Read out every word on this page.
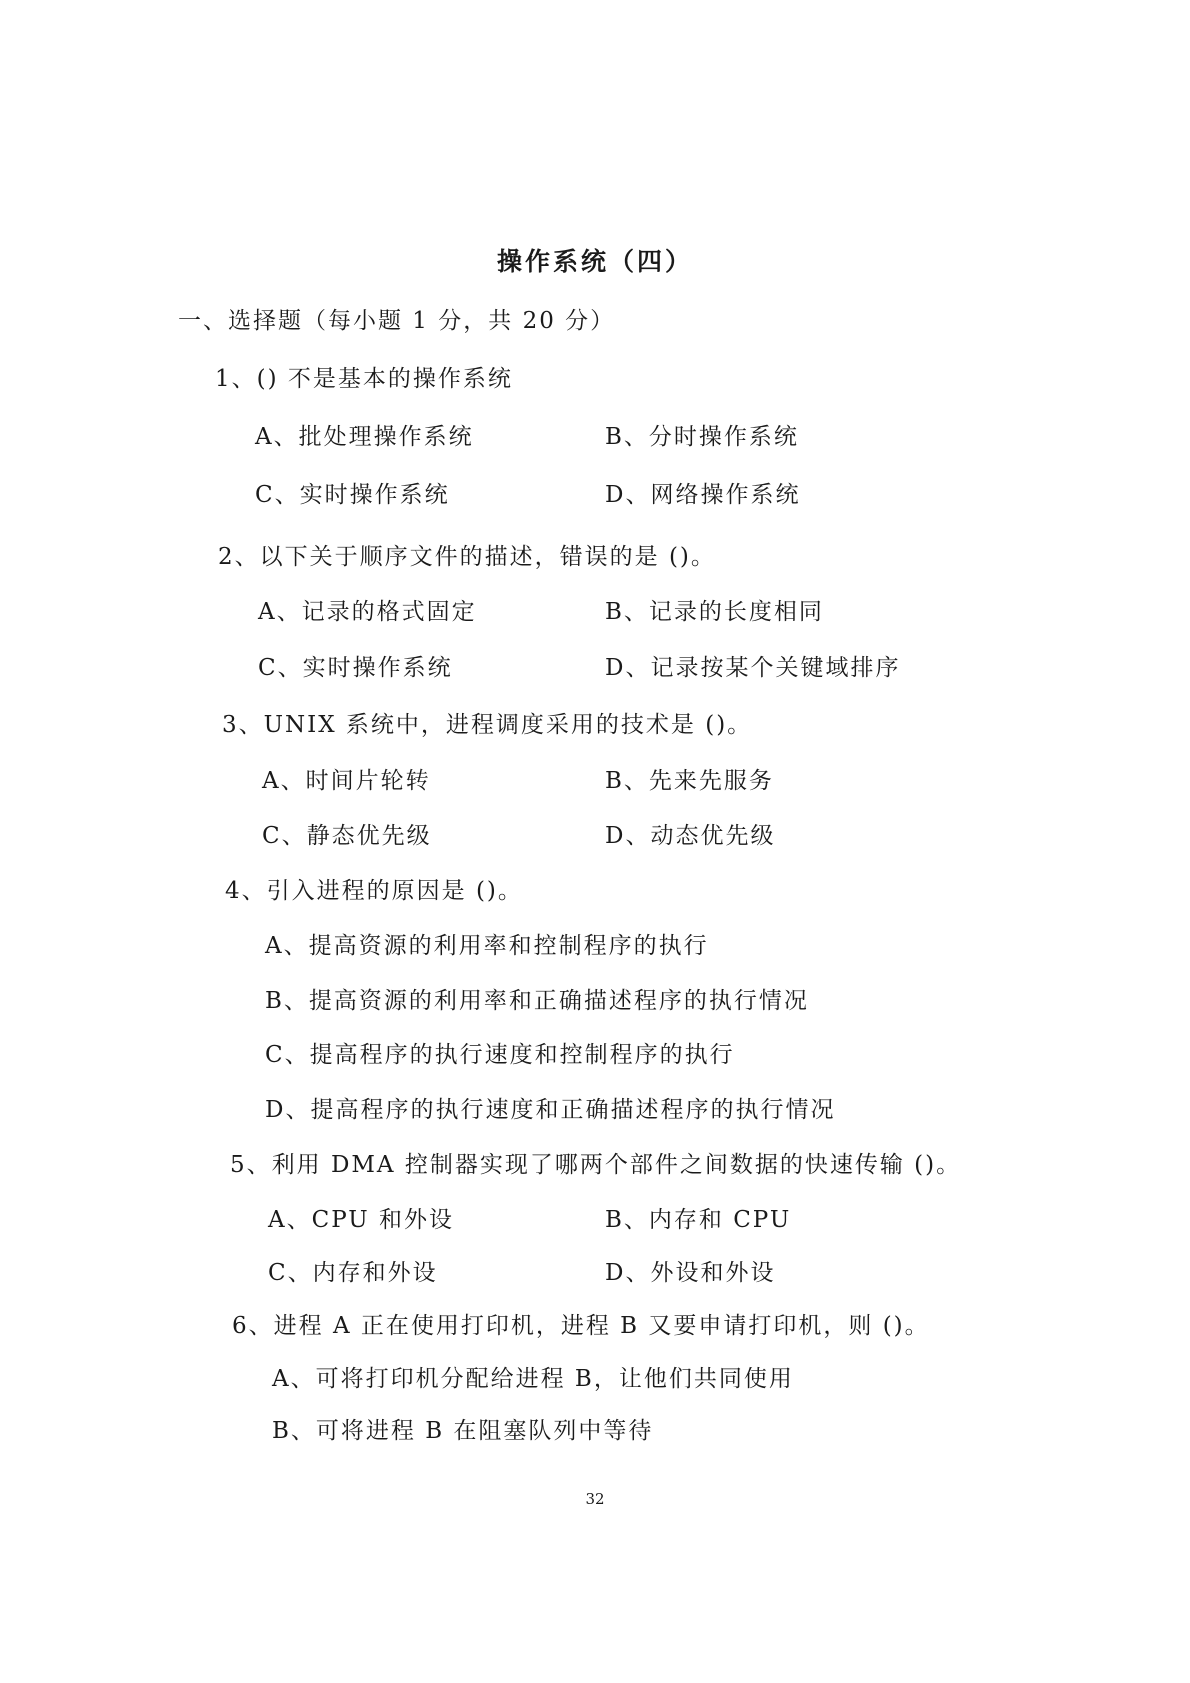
操作系统（四）
一、选择题（每小题 1 分，共 20 分）
1、() 不是基本的操作系统
A、批处理操作系统	B、分时操作系统
C、实时操作系统	D、网络操作系统
2、以下关于顺序文件的描述，错误的是 ()。
A、记录的格式固定	B、记录的长度相同
C、实时操作系统	D、记录按某个关键域排序
3、UNIX 系统中，进程调度采用的技术是 ()。
A、时间片轮转	B、先来先服务
C、静态优先级	D、动态优先级
4、引入进程的原因是 ()。
A、提高资源的利用率和控制程序的执行
B、提高资源的利用率和正确描述程序的执行情况
C、提高程序的执行速度和控制程序的执行
D、提高程序的执行速度和正确描述程序的执行情况
5、利用 DMA 控制器实现了哪两个部件之间数据的快速传输 ()。
A、CPU 和外设	B、内存和 CPU
C、内存和外设	D、外设和外设
6、进程 A 正在使用打印机，进程 B 又要申请打印机，则 ()。
A、可将打印机分配给进程 B，让他们共同使用
B、可将进程 B 在阻塞队列中等待
32
